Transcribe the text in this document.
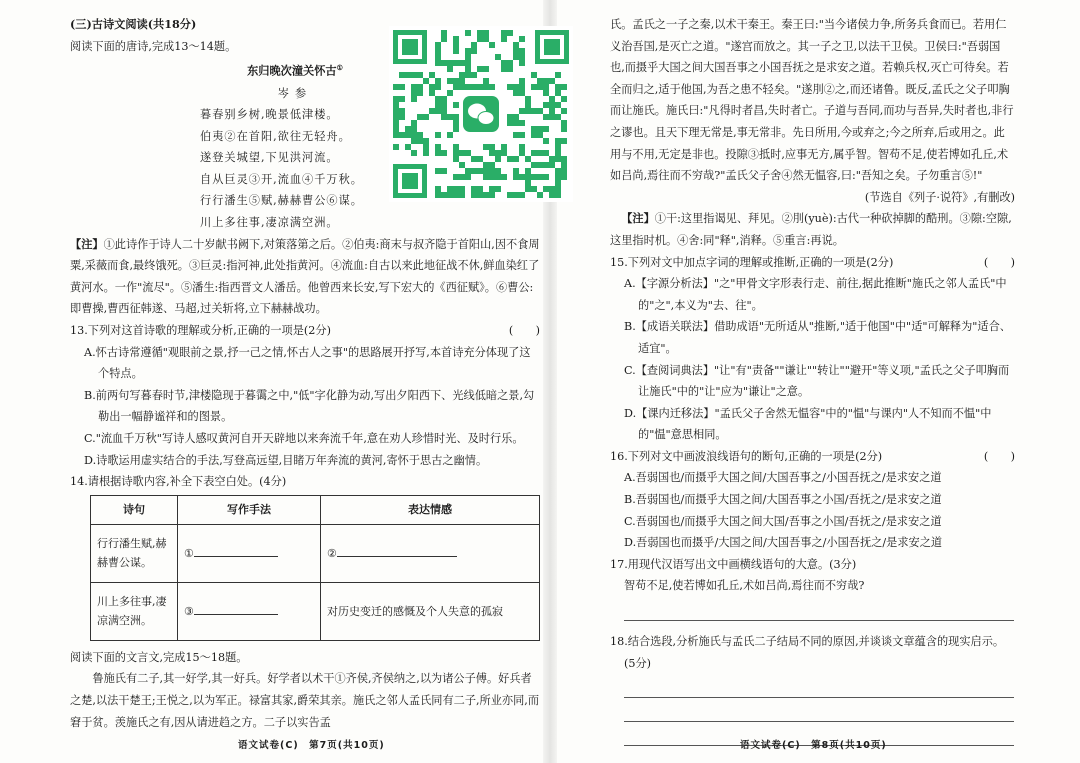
(三)古诗文阅读(共18分)

阅读下面的唐诗,完成13～14题。

东归晚次潼关怀古①

岑参

暮春别乡树,晚景低津楼。

伯夷②在首阳,欲往无轻舟。

遂登关城望,下见洪河流。

自从巨灵③开,流血④千万秋。

行行潘生⑤赋,赫赫曹公⑥谋。

川上多往事,凄凉满空洲。

【注】①此诗作于诗人二十岁献书阙下,对策落第之后。②伯夷:商末与叔齐隐于首阳山,因不食周粟,采薇而食,最终饿死。③巨灵:指河神,此处指黄河。④流血:自古以来此地征战不休,鲜血染红了黄河水。一作"流尽"。⑤潘生:指西晋文人潘岳。他曾西来长安,写下宏大的《西征赋》。⑥曹公:即曹操,曹西征韩遂、马超,过关斩将,立下赫赫战功。

13.下列对这首诗歌的理解或分析,正确的一项是(2分)	(　　)

A.怀古诗常遵循"观眼前之景,抒一己之情,怀古人之事"的思路展开抒写,本首诗充分体现了这个特点。

B.前两句写暮春时节,津楼隐现于暮霭之中,"低"字化静为动,写出夕阳西下、光线低暗之景,勾勒出一幅静谧祥和的图景。

C."流血千万秋"写诗人感叹黄河自开天辟地以来奔流千年,意在劝人珍惜时光、及时行乐。

D.诗歌运用虚实结合的手法,写登高远望,目睹万年奔流的黄河,寄怀于思古之幽情。

14.请根据诗歌内容,补全下表空白处。(4分)

诗句	写作手法	表达情感
行行潘生赋,赫赫曹公谋。	①	②
川上多往事,凄凉满空洲。	③	对历史变迁的感慨及个人失意的孤寂

阅读下面的文言文,完成15～18题。

鲁施氏有二子,其一好学,其一好兵。好学者以术干①齐侯,齐侯纳之,以为诸公子傅。好兵者之楚,以法干楚王;王悦之,以为军正。禄富其家,爵荣其亲。施氏之邻人孟氏同有二子,所业亦同,而窘于贫。羡施氏之有,因从请进趋之方。二子以实告孟

氏。孟氏之一子之秦,以术干秦王。秦王曰:"当今诸侯力争,所务兵食而已。若用仁义治吾国,是灭亡之道。"遂宫而放之。其一子之卫,以法干卫侯。卫侯曰:"吾弱国也,而摄乎大国之间大国吾事之小国吾抚之是求安之道。若赖兵权,灭亡可待矣。若全而归之,适于他国,为吾之患不轻矣。"遂刖②之,而还诸鲁。既反,孟氏之父子叩胸而让施氏。施氏曰:"凡得时者昌,失时者亡。子道与吾同,而功与吾异,失时者也,非行之谬也。且天下理无常是,事无常非。先日所用,今或弃之;今之所弃,后或用之。此用与不用,无定是非也。投隙③抵时,应事无方,属乎智。智苟不足,使若博如孔丘,术如吕尚,焉往而不穷哉?"孟氏父子舍④然无愠容,曰:"吾知之矣。子勿重言⑤!"

(节选自《列子·说符》,有删改)

【注】①干:这里指谒见、拜见。②刖(yuè):古代一种砍掉脚的酷刑。③隙:空隙,这里指时机。④舍:同"释",消释。⑤重言:再说。

15.下列对文中加点字词的理解或推断,正确的一项是(2分)	(　　)

A.【字源分析法】"之"甲骨文字形表行走、前往,据此推断"施氏之邻人孟氏"中的"之",本义为"去、往"。

B.【成语关联法】借助成语"无所适从"推断,"适于他国"中"适"可解释为"适合、适宜"。

C.【查阅词典法】"让"有"责备""谦让""转让""避开"等义项,"孟氏之父子叩胸而让施氏"中的"让"应为"谦让"之意。

D.【课内迁移法】"孟氏父子舍然无愠容"中的"愠"与课内"人不知而不愠"中的"愠"意思相同。

16.下列对文中画波浪线语句的断句,正确的一项是(2分)	(　　)

A.吾弱国也/而摄乎大国之间/大国吾事之/小国吾抚之/是求安之道

B.吾弱国也/而摄乎大国之间/大国吾事之小国/吾抚之/是求安之道

C.吾弱国也/而摄乎大国之间大国/吾事之小国/吾抚之/是求安之道

D.吾弱国也而摄乎/大国之间/大国吾事之/小国吾抚之/是求安之道

17.用现代汉语写出文中画横线语句的大意。(3分)

智苟不足,使若博如孔丘,术如吕尚,焉往而不穷哉?

18.结合选段,分析施氏与孟氏二子结局不同的原因,并谈谈文章蕴含的现实启示。(5分)

语文试卷(C)　第7页(共10页)	语文试卷(C)　第8页(共10页)
